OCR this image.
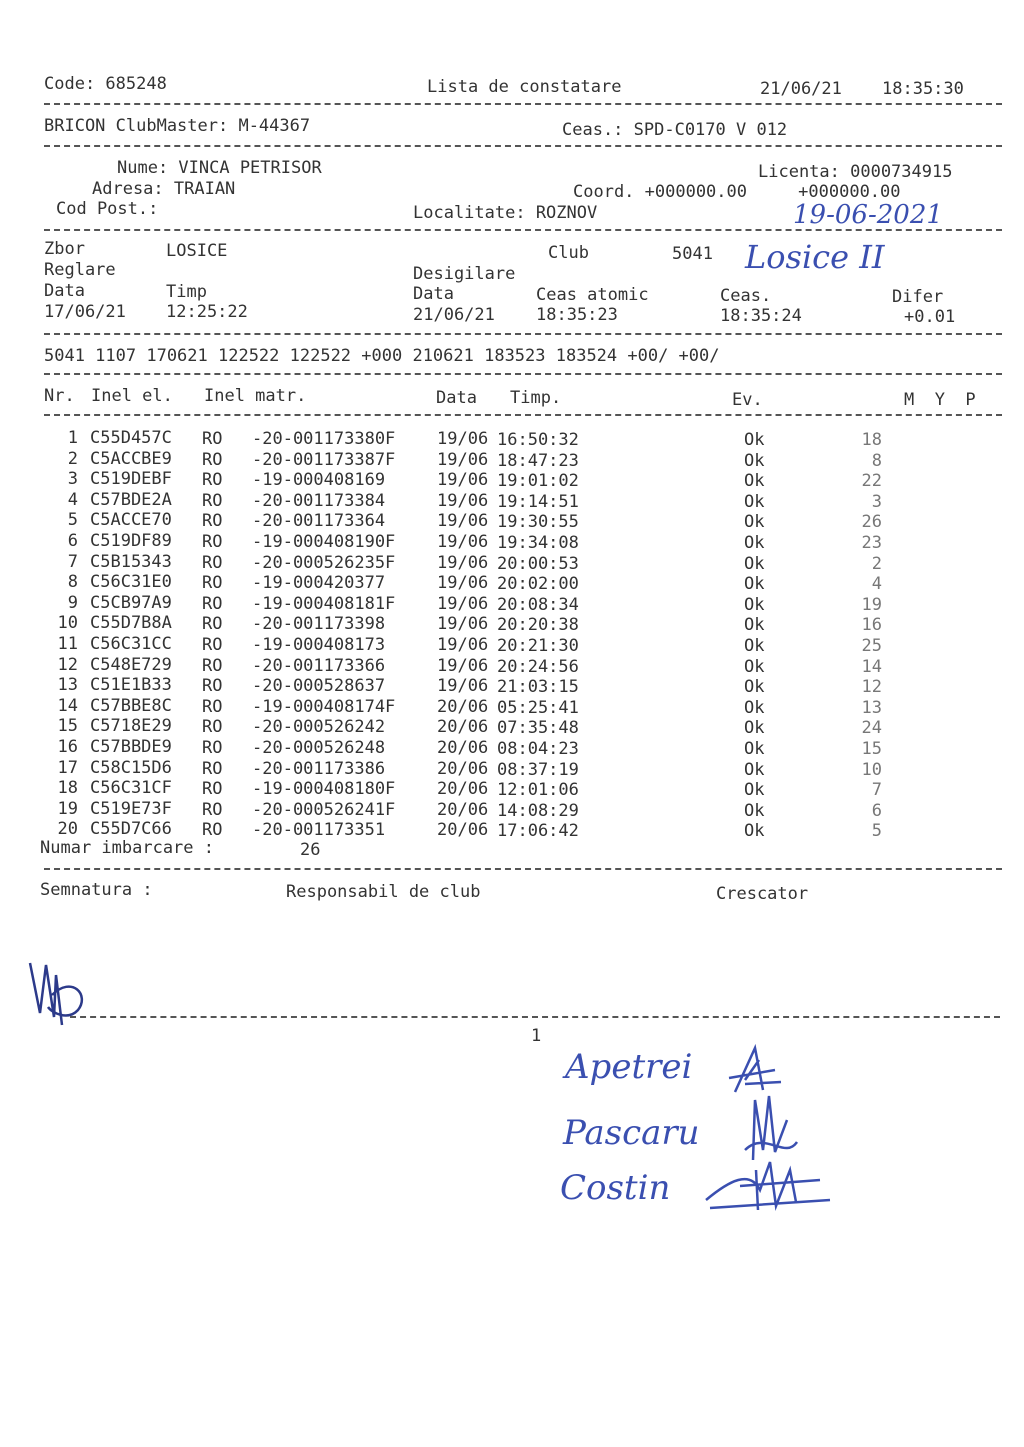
Code: 685248	Lista de constatare	21/06/21 18:35:30
BRICON ClubMaster: M-44367	Ceas.: SPD-C0170 V 012
Nume: VINCA PETRISOR	Licenta: 0000734915
Adresa: TRAIAN	Coord. +000000.00     +000000.00
Cod Post.:	Localitate: ROZNOV	19-06-2021
Zbor	LOSICE	Club	5041 Losice II
Reglare	Desigilare
Data	Timp	Data	Ceas atomic	Ceas.	Difer
17/06/21 12:25:22	21/06/21 18:35:23	18:35:24	+0.01
5041 1107 170621 122522 122522 +000 210621 183523 183524 +00/ +00/
Nr. Inel el. Inel matr.	Data Timp.	Ev.	M  Y  P
1 C55D457C RO -20-001173380F 19/06 16:50:32	Ok	18
2 C5ACCBE9 RO -20-001173387F 19/06 18:47:23	Ok	8
3 C519DEBF RO -19-000408169	19/06 19:01:02	Ok	22
4 C57BDE2A RO -20-001173384	19/06 19:14:51	Ok	3
5 C5ACCE70 RO -20-001173364	19/06 19:30:55	Ok	26
6 C519DF89 RO -19-000408190F 19/06 19:34:08	Ok	23
7 C5B15343 RO -20-000526235F 19/06 20:00:53	Ok	2
8 C56C31E0 RO -19-000420377	19/06 20:02:00	Ok	4
9 C5CB97A9 RO -19-000408181F 19/06 20:08:34	Ok	19
10 C55D7B8A RO -20-001173398	19/06 20:20:38	Ok	16
11 C56C31CC RO -19-000408173	19/06 20:21:30	Ok	25
12 C548E729 RO -20-001173366	19/06 20:24:56	Ok	14
13 C51E1B33 RO -20-000528637	19/06 21:03:15	Ok	12
14 C57BBE8C RO -19-000408174F 20/06 05:25:41	Ok	13
15 C5718E29 RO -20-000526242	20/06 07:35:48	Ok	24
16 C57BBDE9 RO -20-000526248	20/06 08:04:23	Ok	15
17 C58C15D6 RO -20-001173386	20/06 08:37:19	Ok	10
18 C56C31CF RO -19-000408180F 20/06 12:01:06	Ok	7
19 C519E73F RO -20-000526241F 20/06 14:08:29	Ok	6
20 C55D7C66 RO -20-001173351	20/06 17:06:42	Ok	5
Numar imbarcare :	26
Semnatura :	Responsabil de club	Crescator
1
Apetrei
Pascaru
Costin
